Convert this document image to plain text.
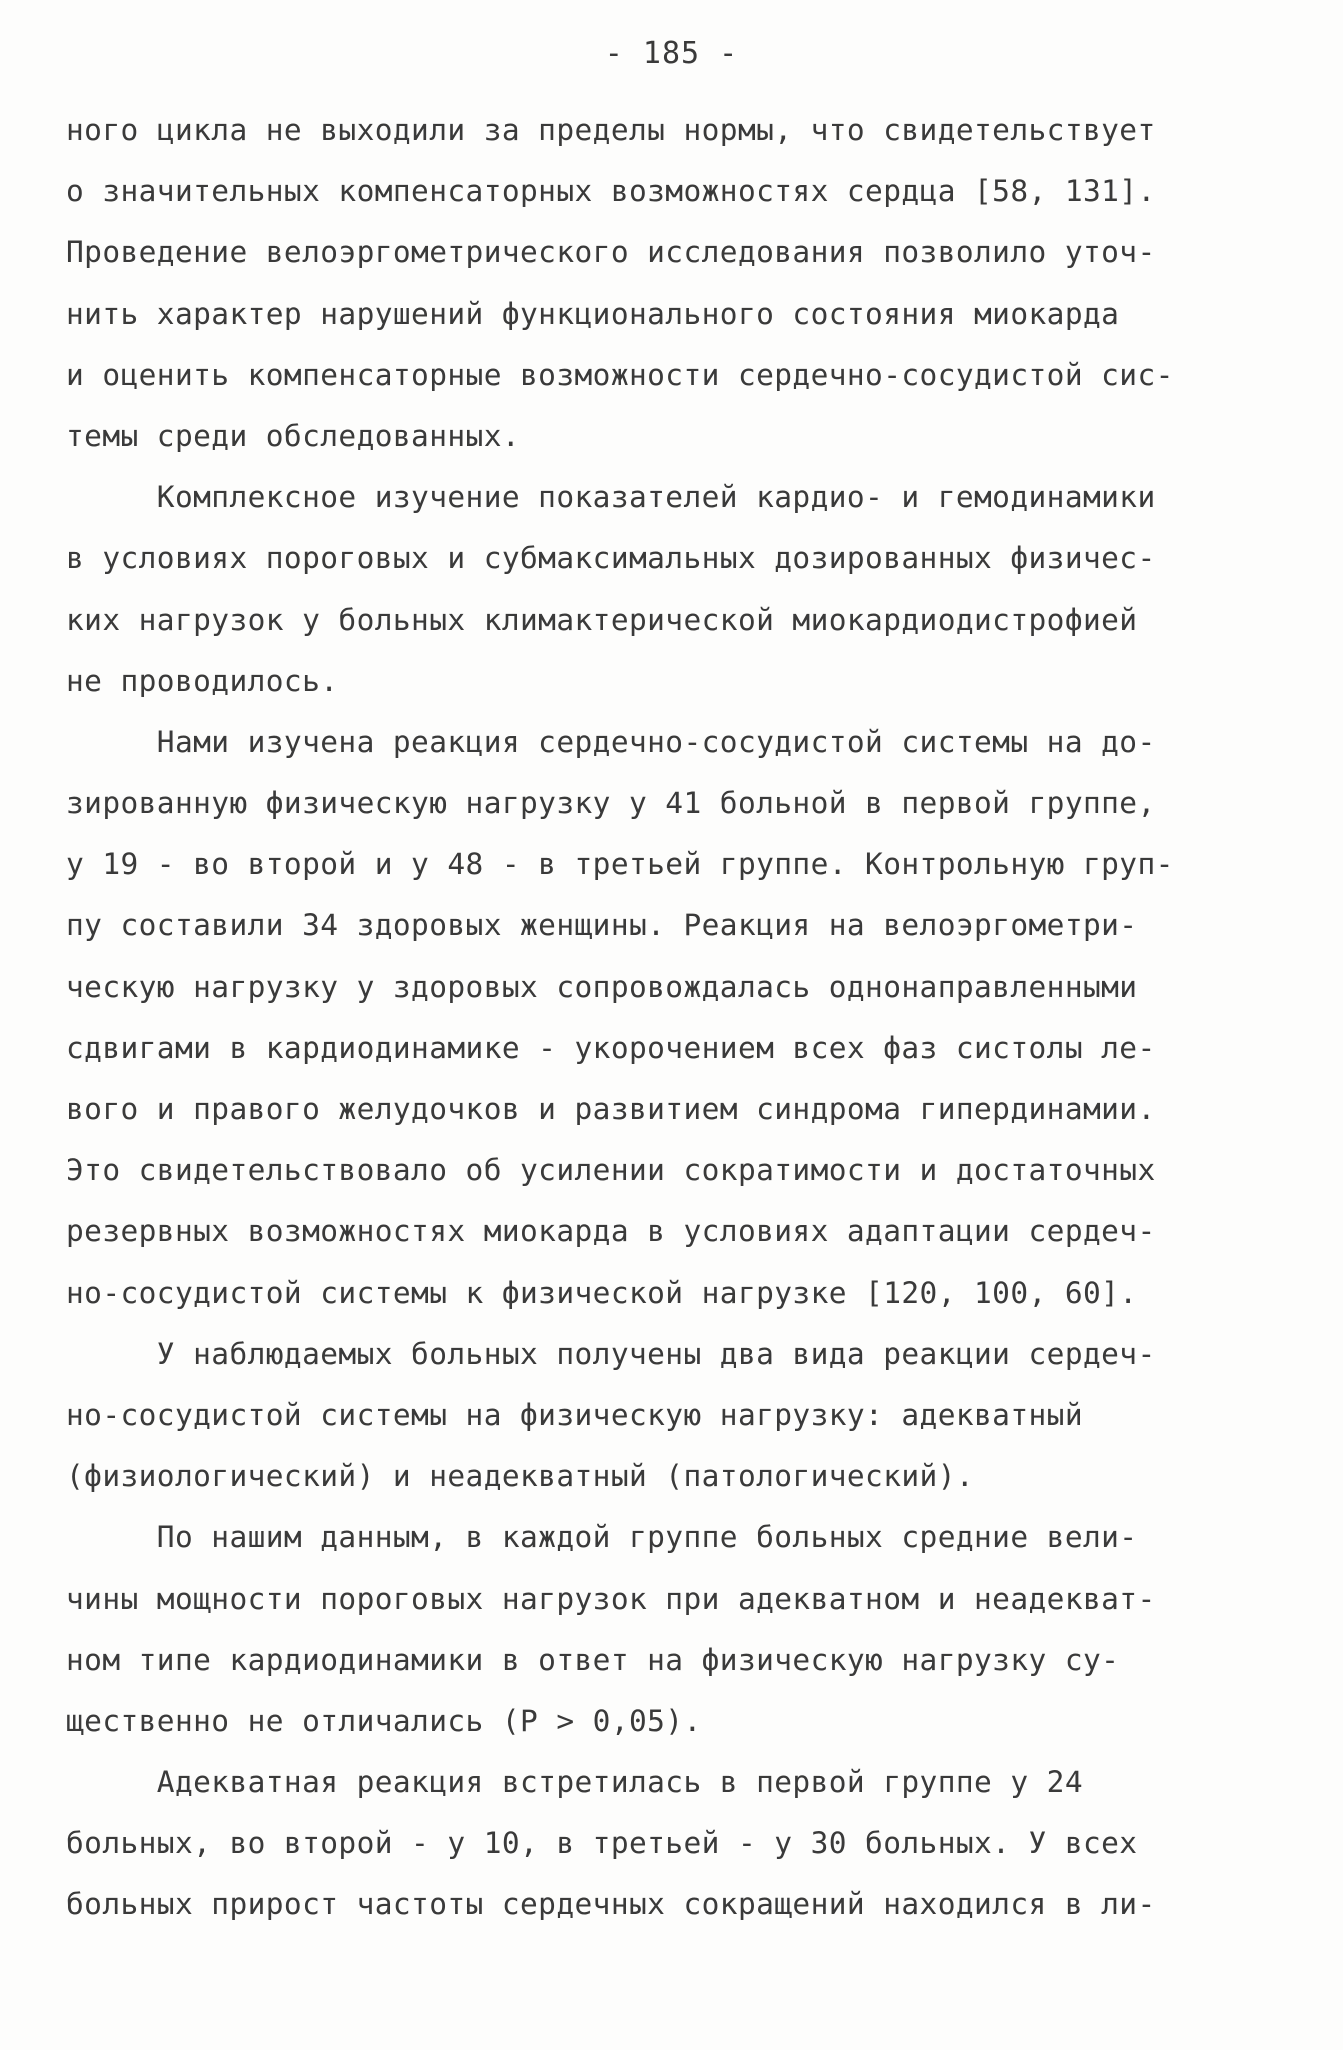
- 185 -
ного цикла не выходили за пределы нормы, что свидетельствует
о значительных компенсаторных возможностях сердца [58, 131].
Проведение велоэргометрического исследования позволило уточ-
нить характер нарушений функционального состояния миокарда
и оценить компенсаторные возможности сердечно-сосудистой сис-
темы среди обследованных.
Комплексное изучение показателей кардио- и гемодинамики
в условиях пороговых и субмаксимальных дозированных физичес-
ких нагрузок у больных климактерической миокардиодистрофией
не проводилось.
Нами изучена реакция сердечно-сосудистой системы на до-
зированную физическую нагрузку у 41 больной в первой группе,
у 19 - во второй и у 48 - в третьей группе. Контрольную груп-
пу составили 34 здоровых женщины. Реакция на велоэргометри-
ческую нагрузку у здоровых сопровождалась однонаправленными
сдвигами в кардиодинамике - укорочением всех фаз систолы ле-
вого и правого желудочков и развитием синдрома гипердинамии.
Это свидетельствовало об усилении сократимости и достаточных
резервных возможностях миокарда в условиях адаптации сердеч-
но-сосудистой системы к физической нагрузке [120, 100, 60].
У наблюдаемых больных получены два вида реакции сердеч-
но-сосудистой системы на физическую нагрузку: адекватный
(физиологический) и неадекватный (патологический).
По нашим данным, в каждой группе больных средние вели-
чины мощности пороговых нагрузок при адекватном и неадекват-
ном типе кардиодинамики в ответ на физическую нагрузку су-
щественно не отличались (Р > 0,05).
Адекватная реакция встретилась в первой группе у 24
больных, во второй - у 10, в третьей - у 30 больных. У всех
больных прирост частоты сердечных сокращений находился в ли-
